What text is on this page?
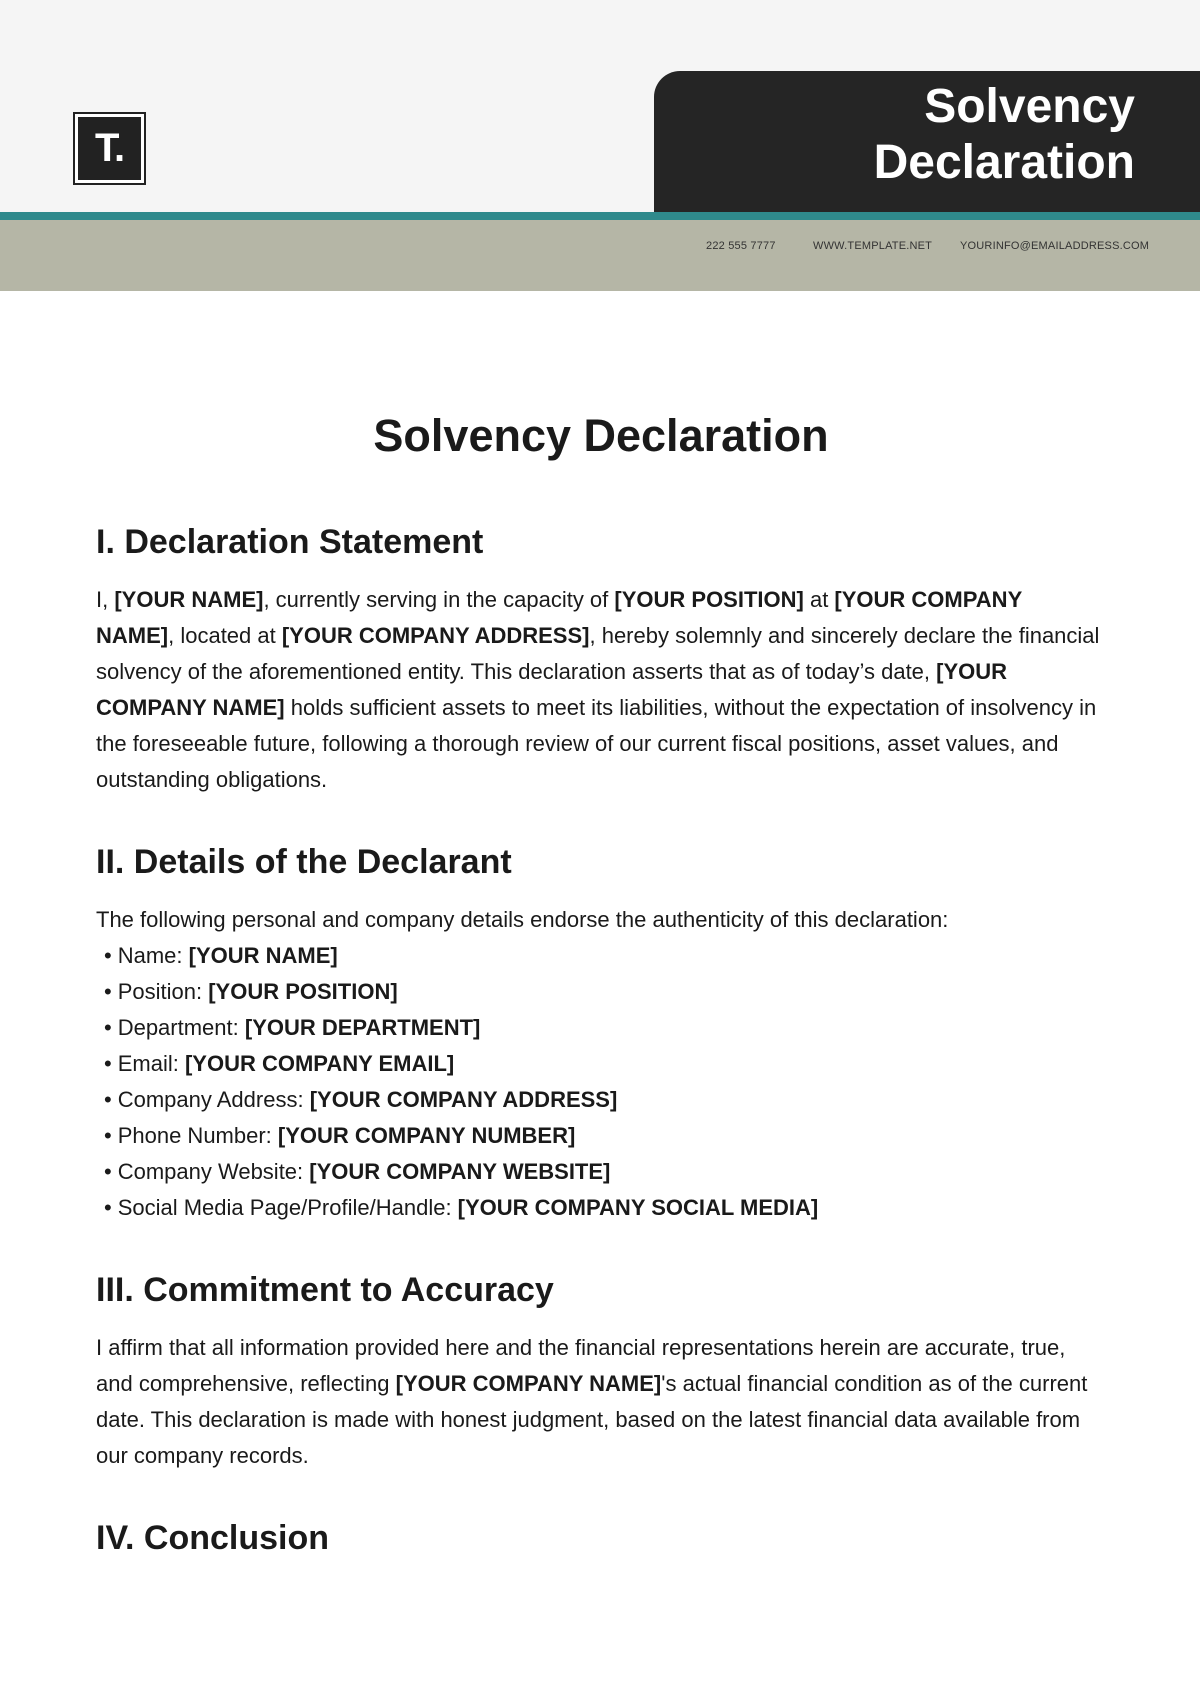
T.
Solvency
Declaration
222 555 7777	WWW.TEMPLATE.NET	YOURINFO@EMAILADDRESS.COM
Solvency Declaration
I. Declaration Statement

I, [YOUR NAME], currently serving in the capacity of [YOUR POSITION] at [YOUR COMPANY NAME], located at [YOUR COMPANY ADDRESS], hereby solemnly and sincerely declare the financial solvency of the aforementioned entity. This declaration asserts that as of today’s date, [YOUR COMPANY NAME] holds sufficient assets to meet its liabilities, without the expectation of insolvency in the foreseeable future, following a thorough review of our current fiscal positions, asset values, and outstanding obligations.

II. Details of the Declarant

The following personal and company details endorse the authenticity of this declaration:

• Name: [YOUR NAME]
• Position: [YOUR POSITION]
• Department: [YOUR DEPARTMENT]
• Email: [YOUR COMPANY EMAIL]
• Company Address: [YOUR COMPANY ADDRESS]
• Phone Number: [YOUR COMPANY NUMBER]
• Company Website: [YOUR COMPANY WEBSITE]
• Social Media Page/Profile/Handle: [YOUR COMPANY SOCIAL MEDIA]
III. Commitment to Accuracy

I affirm that all information provided here and the financial representations herein are accurate, true, and comprehensive, reflecting [YOUR COMPANY NAME]'s actual financial condition as of the current date. This declaration is made with honest judgment, based on the latest financial data available from our company records.

IV. Conclusion
